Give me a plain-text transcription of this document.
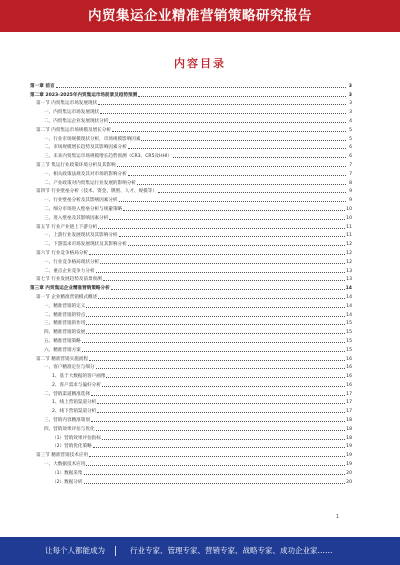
内贸集运企业精准营销策略研究报告
内容目录
第一章 前言	3
第二章 2023-2025年内贸集运市场前景及趋势预测	3
第一节 内贸集运市场发展现状	3
一、内贸集运市场发展现状	3
二、内贸集运企业发展现状分析	4
第二节 内贸集运市场规模及增长分析	5
一、行业市场规模现状分析，市场规模影响因素	5
二、市场规模增长趋势及其影响因素分析	6
三、未来内贸集运市场规模增长趋势预测（CR3、CR5及HHI）	6
第三节 集运行业政策环境分析及其影响	7
一、相关政策法规及其对市场的影响分析	7
二、产业政策对内贸集运行业发展的影响分析	8
第四节 行业壁垒分析（技术、资金、牌照、人才、规模等）	9
一、行业壁垒分析及其影响因素分析	9
二、细分市场进入壁垒分析与规避策略	10
三、进入壁垒及其影响因素分析	10
第五节 行业产业链上下游分析	11
一、上游行业发展现状及其影响分析	11
二、下游需求市场发展现状及其影响分析	12
第六节 行业竞争格局分析	12
一、行业竞争格局现状分析	12
二、重点企业竞争力分析	13
第七节 行业发展趋势及前景预测	13
第三章 内贸集运企业精准营销策略分析	14
第一节 企业精准营销模式概述	14
一、精准营销的定义	14
二、精准营销的特点	14
三、精准营销的作用	15
四、精准营销的发展	15
五、精准营销策略	15
六、精准营销方案	15
第二节 精准营销实施流程	16
一、客户精准定位与细分	16
1、基于大数据的客户画像	16
2、客户需求与偏好分析	16
二、营销渠道精准选择	17
1、线上营销渠道分析	17
2、线下营销渠道分析	17
三、营销内容精准策划	18
四、营销效果评估与优化	18
（1）营销效果评估指标	18
（2）营销优化策略	19
第三节 精准营销技术应用	19
一、大数据技术应用	19
（1）数据采集	20
（2）数据分析	20
1
让每个人都能成为	行业专家、管理专家、营销专家、战略专家、成功企业家……
